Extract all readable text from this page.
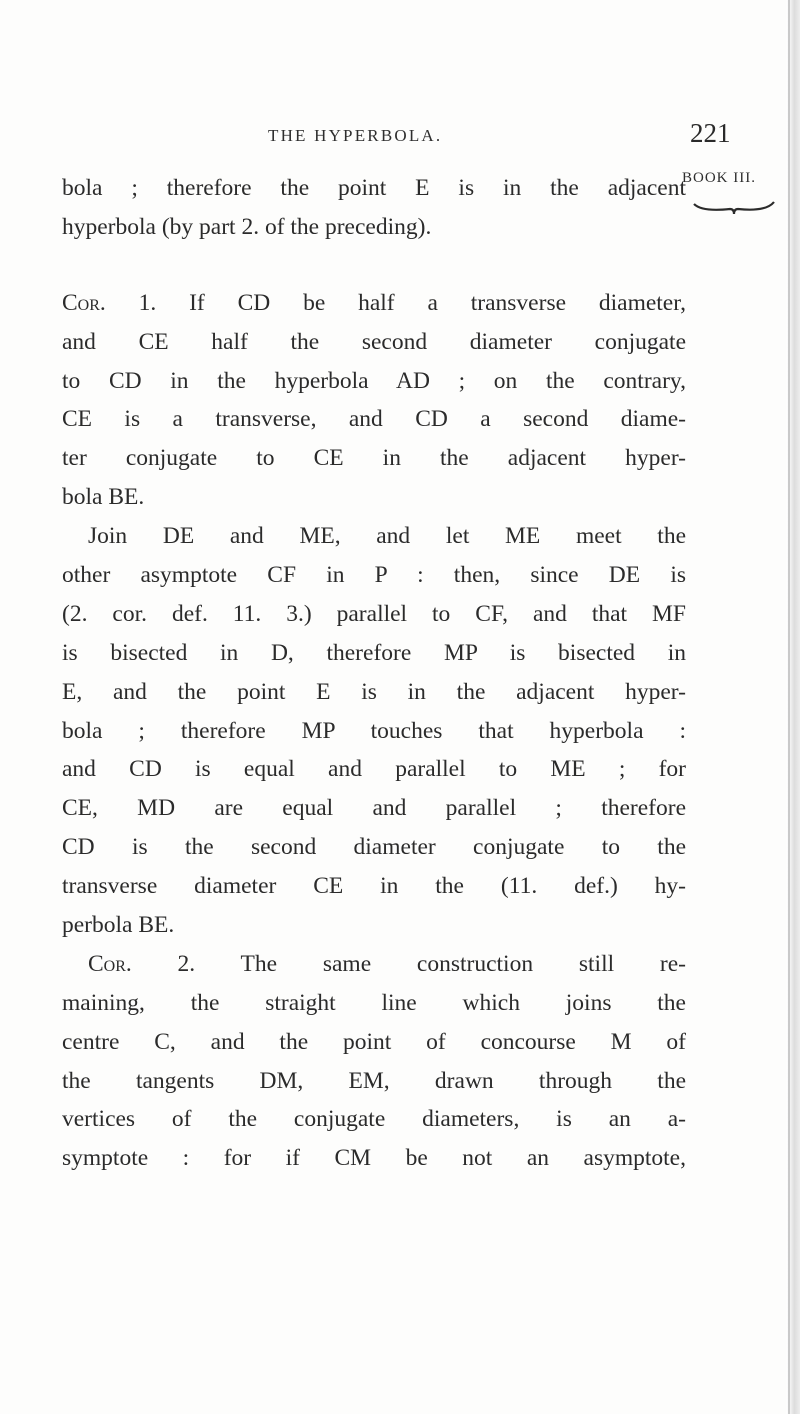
THE HYPERBOLA.	221
BOOK III.
bola ; therefore the point E is in the adjacent
hyperbola (by part 2. of the preceding).
Cor. 1. If CD be half a transverse diameter,
and CE half the second diameter conjugate
to CD in the hyperbola AD ; on the contrary,
CE is a transverse, and CD a second diame-
ter conjugate to CE in the adjacent hyper-
bola BE.
Join DE and ME, and let ME meet the
other asymptote CF in P : then, since DE is
(2. cor. def. 11. 3.) parallel to CF, and that MF
is bisected in D, therefore MP is bisected in
E, and the point E is in the adjacent hyper-
bola ; therefore MP touches that hyperbola :
and CD is equal and parallel to ME ; for
CE, MD are equal and parallel ; therefore
CD is the second diameter conjugate to the
transverse diameter CE in the (11. def.) hy-
perbola BE.
Cor. 2. The same construction still re-
maining, the straight line which joins the
centre C, and the point of concourse M of
the tangents DM, EM, drawn through the
vertices of the conjugate diameters, is an a-
symptote : for if CM be not an asymptote,
